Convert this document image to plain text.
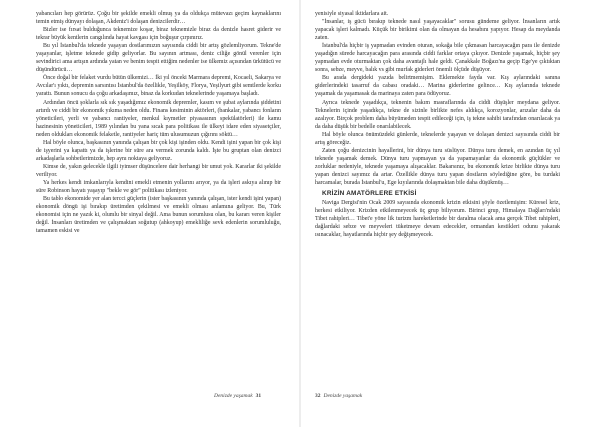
yabancıları hep görürüz. Çoğu bir şekilde emekli olmuş ya da oldukça mütevazı geçim kaynaklarını temin etmiş dünyayı dolaşan, Akdeniz'i dolaşan denizcilerdir…

Bizler ise fırsat bulduğunca teknemize koşar, biraz teknemizle biraz da denizle hasret giderir ve tekrar büyük kentlerin cangılında hayat kavgası için boğuşur çırpınırız.

Bu yıl İstanbul'da teknede yaşayan dostlarımızın sayısında ciddi bir artış gözlemliyorum. Tekne'de yaşayanlar, işletme teknede gidip geliyorlar. Bu sayının artması, deniz ciliğe gönül verenler için sevindirici ama artışın ardında yatan ve benim tespit ettiğim nedenler ise ülkemiz açısından ürkütücü ve düşündürücü…

Önce doğal bir felaket vurdu bütün ülkemizi… İki yıl önceki Marmara depremi, Kocaeli, Sakarya ve Avcılar'ı yıktı, depremin sarsıntısı İstanbul'da özellikle, Yeşilköy, Florya, Yeşilyurt gibi semtlerde korku yarattı. Bunun sonucu da çoğu arkadaşımız, binaz da korkudan teknelerinde yaşamaya başladı.

Ardından öncü şoklarla sık sık yaşadığımız ekonomik depremler, kasım ve şubat aylarında şiddetini artırdı ve ciddi bir ekonomik yıkıma neden oldu. Finans kesiminin aktörleri, (bankalar, yabancı fonların yöneticileri, yerli ve yabancı rantiyeler, menkul kıymetler piyasasının spekülatörleri) ile kamu hazinesinin yöneticileri, 1989 yılından bu yana sıcak para politikası ile ülkeyi idare eden siyasetçiler, neden oldukları ekonomik felaketle, rantiyeler hariç tüm ulusumuzun çığırını söktü…

Hal böyle olunca, başkasının yanında çalışan bir çok kişi işinden oldu. Kendi işini yapan bir çok kişi de işyerini ya kapattı ya da işlerine bir süre ara vermek zorunda kaldı. İşte bu gruptan olan denizci arkadaşlarla sohbetlerimizde, hep aynı noktaya geliyoruz.

Kimse de, yakın gelecekle ilgili iyimser düşüncelere dair herhangi bir umut yok. Kararlar iki şekilde veriliyor.

Ya herkes kendi imkanlarıyla kendini emekli etmenin yollarını arıyor, ya da işleri askıya alınıp bir süre Robinson hayatı yaşayıp "bekle ve gör" politikası izleniyor.

Bu tablo ekonomide yer alan tercci güçlerin (ister başkasının yanında çalışan, ister kendi işini yapan) ekonomik döngü işi bırakıp üretimden çekilmesi ve emekli olması anlamına geliyor. Bu, Türk ekonomisi için ne yazık ki, olumlu bir sinyal değil. Ama bunun sorumlusu olan, bu kararı veren kişiler değil. İnsanları üretimden ve çalışmaktan soğutup (ahkoyup) emekliliğe sevk edenlerin sorumluluğu, tamamen eskisi ve

yenisiyle siyasal iktidarlara ait.

"İnsanlar, iş gücü bırakıp teknede nasıl yaşayacaklar" sorusu gündeme geliyor. İnsanların artık yapacak işleri kalmadı. Küçük bir birikimi olan da olmayan da hesabını yapıyor. Hesap da meydanda zaten.

İstanbul'da hiçbir iş yapmadan evinden oturan, sokağa bile çıkmasan harcayacağın para ile denizde yaşadığın sürede harcayacağın para arasında ciddi farklar ortaya çıkıyor. Denizde yaşamak, hiçbir şey yapmadan evde oturmaktan çok daha avantajlı hale geldi. Çanakkale Boğazı'na geçip Ege'ye çıktıktan sonra, sebze, meyve, balık vs gibi murfak giderleri önemli ölçüde düşüyor.

Bu arada dergideki yazıda belirtmemişim. Eklemekte fayda var. Kış aylarındaki sanına giderlerindeki tasarruf da cabası oradaki… Marina giderlerine gelince… Kış aylarında teknede yaşamak da yaşamasak da marinaya zaten para ödüyoruz.

Ayrıca teknede yaşadıkça, teknenin bakım masraflarında da ciddi düşüşler meydana geliyor. Teknelerin içinde yaşadıkça, tekne de sizinle birlikte nefes aldıkça, korozyonlar, arızalar daha da azalıyor. Birçok problem daha büyümeden tespit edileceği için, iş tekne sahibi tarafından onarılacak ya da daha düşük bir bedelle onarılabilecek.

Hal böyle olunca önümüzdeki günlerde, teknelerde yaşayan ve dolaşan denizci sayısında ciddi bir artış göreceğiz.

Zaten çoğu denizcinin hayallerini, bir dünya turu süslüyor. Dünya turu demek, en azından üç yıl teknede yaşamak demek. Dünya turu yapmayan ya da yapamayanlar da ekonomik güçlükler ve zorluklar nedeniyle, teknede yaşamaya alışacaklar. Bakarsınız, bu ekonomik krize birlikte dünya turu yapan denizci sayımız da artar. Özellikle dünya turu yapan dostların söylediğine göre, bu turdaki harcamalar, burada İstanbul'u, Ege kıyılarında dolaşmaktan bile daha düşükmüş…

KRİZİN AMATÖRLERE ETKİSİ

Naviga Dergisi'nin Ocak 2009 sayısında ekonomik krizin etkisini şöyle özetlemişim: Küresel kriz, herkesi etkiliyor. Krizden etkilenmeyecek üç grup biliyorum. Birinci grup, Himalaya Dağları'ndaki Tibet rahipleri… Tibet'e yöne lik turizm hareketlerinde bir daralma olacak ama gerçek Tibet rahipleri, dağlardaki sebze ve meyveleri tüketmeye devam edecekler, ormandan kestikleri odunu yakarak ısınacaklar, hayatlarında hiçbir şey değişmeyecek.

Denizde yaşamak 31	32 Denizde yaşamak
